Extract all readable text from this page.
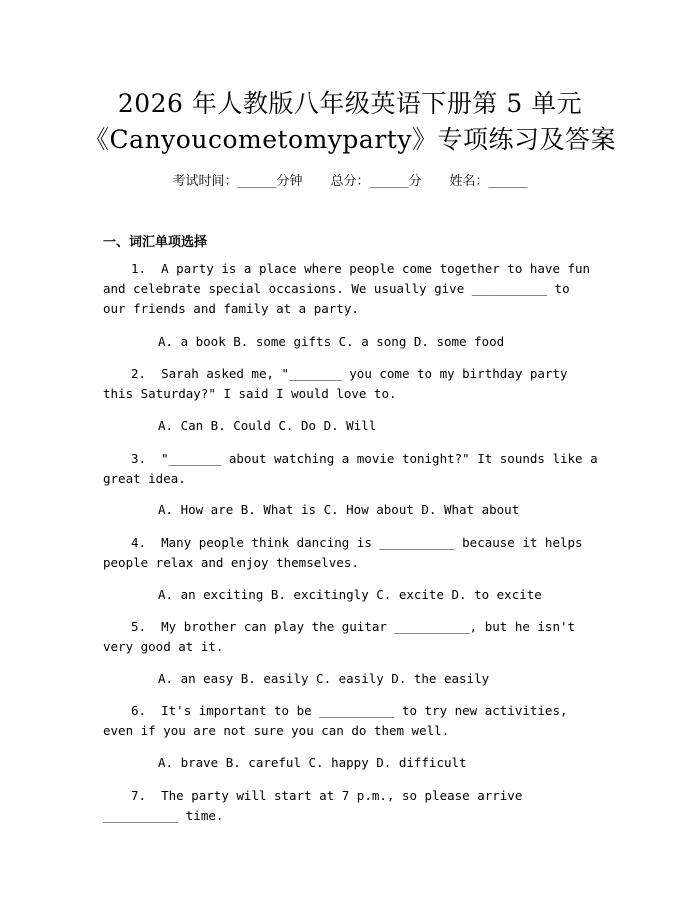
2026 年人教版八年级英语下册第 5 单元
《Canyoucometomyparty》专项练习及答案
考试时间：______分钟 总分：______分 姓名：______
一、词汇单项选择
1. A party is a place where people come together to have fun and celebrate special occasions. We usually give __________ to our friends and family at a party.
A. a book B. some gifts C. a song D. some food
2. Sarah asked me, "_______ you come to my birthday party this Saturday?" I said I would love to.
A. Can B. Could C. Do D. Will
3. "_______ about watching a movie tonight?" It sounds like a great idea.
A. How are B. What is C. How about D. What about
4. Many people think dancing is __________ because it helps people relax and enjoy themselves.
A. an exciting B. excitingly C. excite D. to excite
5. My brother can play the guitar __________, but he isn't very good at it.
A. an easy B. easily C. easily D. the easily
6. It's important to be __________ to try new activities, even if you are not sure you can do them well.
A. brave B. careful C. happy D. difficult
7. The party will start at 7 p.m., so please arrive __________ time.
